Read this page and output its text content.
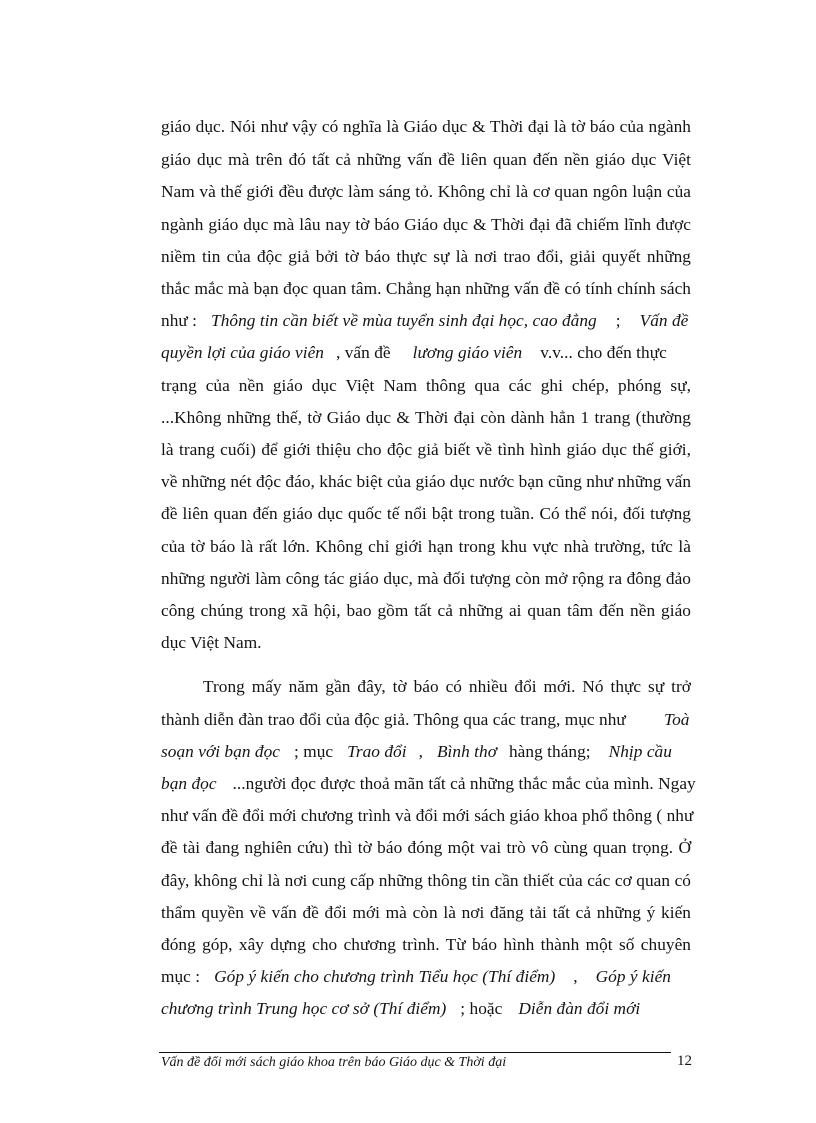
giáo dục. Nói như vậy có nghĩa là Giáo dục & Thời đại là tờ báo của ngành
giáo dục mà trên đó tất cả những vấn đề liên quan đến nền giáo dục Việt
Nam và thế giới đều được làm sáng tỏ. Không chỉ là cơ quan ngôn luận của
ngành giáo dục mà lâu nay tờ báo Giáo dục & Thời đại đã chiếm lĩnh được
niềm tin của độc giả bởi tờ báo thực sự là nơi trao đổi, giải quyết những
thắc mắc mà bạn đọc quan tâm. Chẳng hạn những vấn đề có tính chính sách
như : Thông tin cần biết về mùa tuyển sinh đại học, cao đẳng ; Vấn đề
quyền lợi của giáo viên , vấn đề lương giáo viên v.v... cho đến thực
trạng của nền giáo dục Việt Nam thông qua các ghi chép, phóng sự,
...Không những thế, tờ Giáo dục & Thời đại còn dành hẳn 1 trang (thường
là trang cuối) để giới thiệu cho độc giả biết về tình hình giáo dục thế giới,
về những nét độc đáo, khác biệt của giáo dục nước bạn cũng như những vấn
đề liên quan đến giáo dục quốc tế nổi bật trong tuần. Có thể nói, đối tượng
của tờ báo là rất lớn. Không chỉ giới hạn trong khu vực nhà trường, tức là
những người làm công tác giáo dục, mà đối tượng còn mở rộng ra đông đảo
công chúng trong xã hội, bao gồm tất cả những ai quan tâm đến nền giáo
dục Việt Nam.
Trong mấy năm gần đây, tờ báo có nhiều đổi mới. Nó thực sự trở
thành diễn đàn trao đổi của độc giả. Thông qua các trang, mục như	Toà
soạn với bạn đọc ; mục Trao đổi , Bình thơ hàng tháng; Nhịp cầu
bạn đọc ...người đọc được thoả mãn tất cả những thắc mắc của mình. Ngay
như vấn đề đổi mới chương trình và đổi mới sách giáo khoa phổ thông ( như
đề tài đang nghiên cứu) thì tờ báo đóng một vai trò vô cùng quan trọng. Ở
đây, không chỉ là nơi cung cấp những thông tin cần thiết của các cơ quan có
thẩm quyền về vấn đề đổi mới mà còn là nơi đăng tải tất cả những ý kiến
đóng góp, xây dựng cho chương trình. Từ báo hình thành một số chuyên
mục : Góp ý kiến cho chương trình Tiểu học (Thí điểm) , Góp ý kiến
chương trình Trung học cơ sở (Thí điểm) ; hoặc Diễn đàn đổi mới
Vấn đề đổi mới sách giáo khoa trên báo Giáo dục & Thời đại	12
